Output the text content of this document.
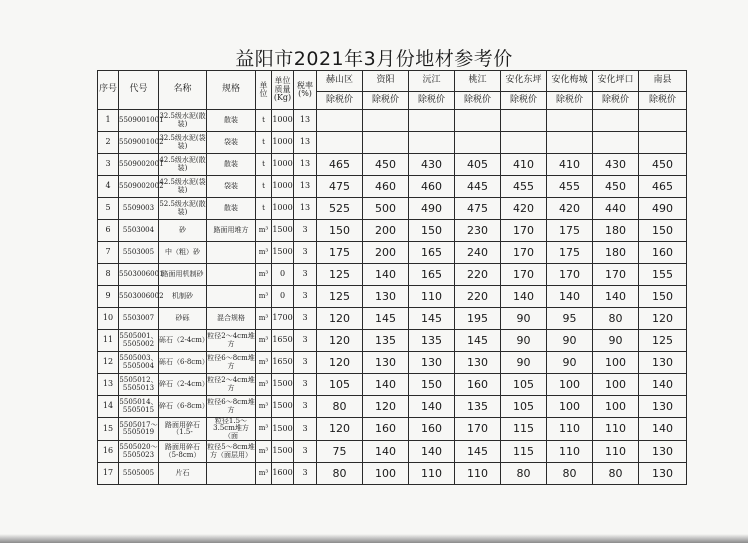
益阳市2021年3月份地材参考价
序号	代号	名称	规格	单位	单位质量(Kg)	税率(%)	赫山区	资阳	沅江	桃江	安化东坪	安化梅城	安化坪口	南县
							除税价	除税价	除税价	除税价	除税价	除税价	除税价	除税价
1	5509001001	32.5级水泥(散装)	散装	t	1000	13								
2	5509001002	32.5级水泥(袋装)	袋装	t	1000	13								
3	5509002001	42.5级水泥(散装)	散装	t	1000	13	465	450	430	405	410	410	430	450
4	5509002002	42.5级水泥(袋装)	袋装	t	1000	13	475	460	460	445	455	455	450	465
5	5509003	52.5级水泥(散装)	散装	t	1000	13	525	500	490	475	420	420	440	490
6	5503004	砂	路面用堆方	m³	1500	3	150	200	150	230	170	175	180	150
7	5503005	中（粗）砂		m³	1500	3	175	200	165	240	170	175	180	160
8	5503006001	路面用机制砂		m³	0	3	125	140	165	220	170	170	170	155
9	5503006002	机制砂		m³	0	3	125	130	110	220	140	140	140	150
10	5503007	砂砾	混合规格	m³	1700	3	120	145	145	195	90	95	80	120
11	5505001、5505002	砾石（2-4cm）	粒径2～4cm堆方	m³	1650	3	120	135	135	145	90	90	90	125
12	5505003、5505004	砾石（6-8cm）	粒径6～8cm堆方	m³	1650	3	120	130	130	130	90	90	100	130
13	5505012、5505013	碎石（2-4cm）	粒径2～4cm堆方	m³	1500	3	105	140	150	160	105	100	100	140
14	5505014、5505015	碎石（6-8cm）	粒径6～8cm堆方	m³	1500	3	80	120	140	135	105	100	100	130
15	5505017～5505019	路面用碎石（1.5-	粒径1.5～3.5cm堆方（面	m³	1500	3	120	160	160	170	115	110	110	140
16	5505020～5505023	路面用碎石（5-8cm）	粒径5～8cm堆方（面层用）	m³	1500	3	75	140	140	145	115	110	110	130
17	5505005	片石		m³	1600	3	80	100	110	110	80	80	80	130
